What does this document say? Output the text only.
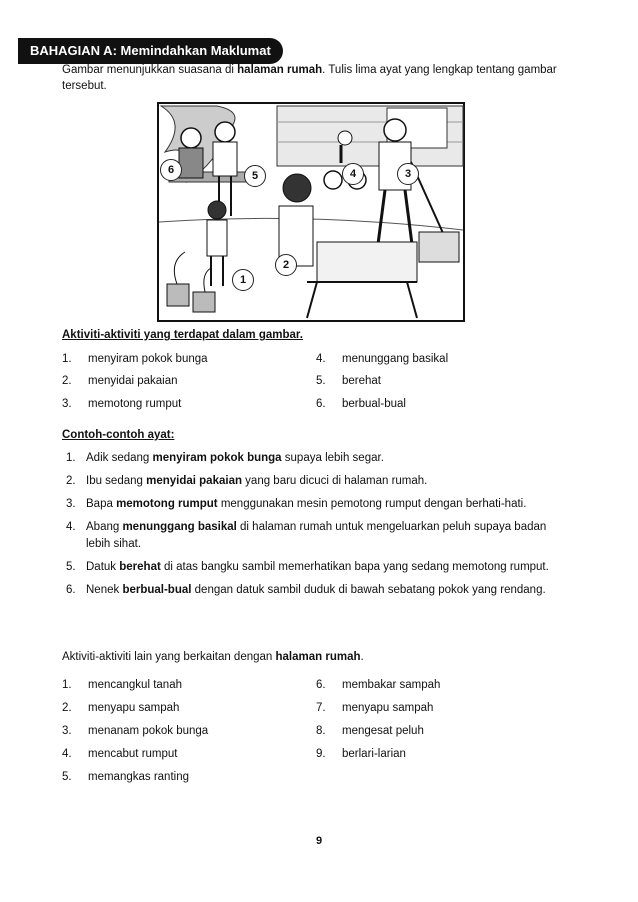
BAHAGIAN A: Memindahkan Maklumat
Gambar menunjukkan suasana di halaman rumah. Tulis lima ayat yang lengkap tentang gambar tersebut.
1
2
3
4
5
6
Aktiviti-aktiviti yang terdapat dalam gambar.
1. menyiram pokok bunga
2. menyidai pakaian
3. memotong rumput
4. menunggang basikal
5. berehat
6. berbual-bual
Contoh-contoh ayat:
1. Adik sedang menyiram pokok bunga supaya lebih segar.
2. Ibu sedang menyidai pakaian yang baru dicuci di halaman rumah.
3. Bapa memotong rumput menggunakan mesin pemotong rumput dengan berhati-hati.
4. Abang menunggang basikal di halaman rumah untuk mengeluarkan peluh supaya badan lebih sihat.
5. Datuk berehat di atas bangku sambil memerhatikan bapa yang sedang memotong rumput.
6. Nenek berbual-bual dengan datuk sambil duduk di bawah sebatang pokok yang rendang.
Aktiviti-aktiviti lain yang berkaitan dengan halaman rumah.
1. mencangkul tanah
2. menyapu sampah
3. menanam pokok bunga
4. mencabut rumput
5. memangkas ranting
6. membakar sampah
7. menyapu sampah
8. mengesat peluh
9. berlari-larian
9
